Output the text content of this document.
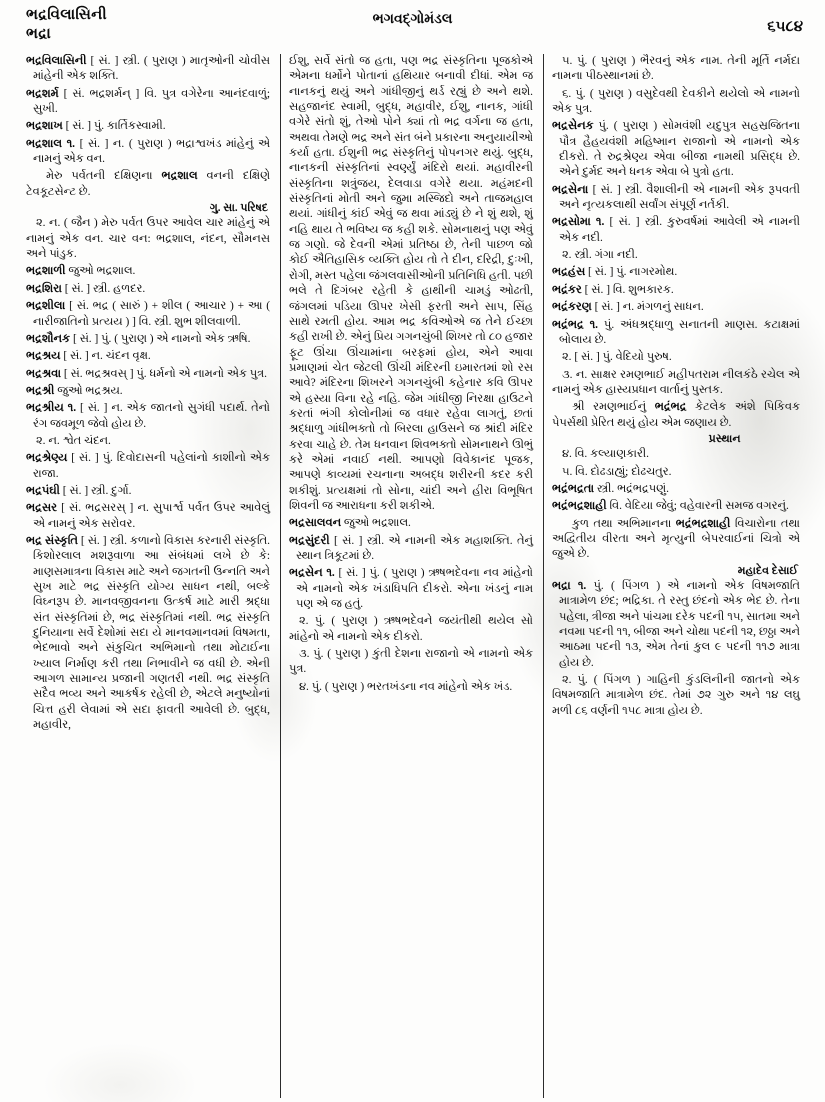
ભદ્રવિલાસિની
ભદ્રા
ભગવદ્ગોમંડલ	૬૫૮૪

ભદ્રવિલાસિની [ સં. ] સ્ત્રી. ( પુરાણ ) માતૃઓની ચોવીસ માંહેની એક શક્તિ.

ભદ્રશર્મ [ સં. ભદ્રશર્મન્ ] વિ. પુત્ર વગેરેના આનંદવાળું; સુખી.

ભદ્રશાખ [ સં. ] પું. કાર્તિકસ્વામી.

ભદ્રશાલ ૧. [ સં. ] ન. ( પુરાણ ) ભદ્રાશ્વખંડ માંહેનું એ નામનું એક વન.

મેરુ પર્વતની દક્ષિણના ભદ્રશાલ વનની દક્ષિણે ટેવકૂટસેન્ટ છે.

ગુ. સા. પરિષદ

૨. ન. ( જૈન ) મેરુ પર્વત ઉપર આવેલ ચાર માંહેનું એ નામનું એક વન. ચાર વન: ભદ્રશાલ, નંદન, સૌમનસ અને પાંડુક.

ભદ્રશાળી જુઓ ભદ્રશાલ.

ભદ્રશિરા [ સં. ] સ્ત્રી. હળદર.

ભદ્રશીલા [ સં. ભદ્ર ( સારું ) + શીલ ( આચાર ) + આ ( નારીજાતિનો પ્રત્યય ) ] વિ. સ્ત્રી. શુભ શીલવાળી.

ભદ્રશૌનક [ સં. ] પું. ( પુરાણ ) એ નામનો એક ઋષિ.

ભદ્રશ્રય [ સં. ] ન. ચંદન વૃક્ષ.

ભદ્રશ્રવા [ સં. ભદ્રશ્રવસ્ ] પું. ધર્મનો એ નામનો એક પુત્ર.

ભદ્રશ્રી જુઓ ભદ્રશ્રય.

ભદ્રશ્રીય ૧. [ સં. ] ન. એક જાતનો સુગંધી પદાર્થ. તેનો રંગ જવમૂળ જેવો હોય છે.

૨. ન. શ્વેત ચંદન.

ભદ્રશ્રેણ્ય [ સં. ] પું. દિવોદાસની પહેલાંનો કાશીનો એક રાજા.

ભદ્રપંઘી [ સં. ] સ્ત્રી. દુર્ગા.

ભદ્રસર [ સં. ભદ્રસરસ્ ] ન. સુપાર્શ્વ પર્વત ઉપર આવેલું એ નામનું એક સરોવર.

ભદ્ર સંસ્કૃતિ [ સં. ] સ્ત્રી. કળાનો વિકાસ કરનારી સંસ્કૃતિ. કિશોરલાલ મશરૂવાળા આ સંબંધમાં લખે છે કે: માણસમાત્રના વિકાસ માટે અને જગતની ઉન્નતિ અને સુખ માટે ભદ્ર સંસ્કૃતિ યોગ્ય સાધન નથી, બલ્કે વિઘ્નરૂપ છે. માનવજીવનના ઉત્કર્ષ માટે મારી શ્રદ્ધા સંત સંસ્કૃતિમાં છે, ભદ્ર સંસ્કૃતિમાં નથી. ભદ્ર સંસ્કૃતિ દુનિયાના સર્વે દેશોમાં સદા યે માનવમાનવમાં વિષમતા, ભેદભાવો અને સંકુચિત અભિમાનો તથા મોટાઈના ખ્યાલ નિર્માણ કરી તથા નિભાવીને જ વધી છે. એની આગળ સામાન્ય પ્રજાની ગણતરી નથી. ભદ્ર સંસ્કૃતિ સદૈવ ભવ્ય અને આકર્ષક રહેલી છે, એટલે મનુષ્યોનાં ચિત્ત હરી લેવામાં એ સદા ફાવતી આવેલી છે. બુદ્ધ, મહાવીર,

ઈશુ, સર્વે સંતો જ હતા, પણ ભદ્ર સંસ્કૃતિના પૂજકોએ એમના ધર્મોને પોતાનાં હથિયાર બનાવી દીધાં. એમ જ નાનકનું થયું અને ગાંધીજીનું થર્ડ રહ્યું છે અને થશે. સહજાનંદ સ્વામી, બુદ્ધ, મહાવીર, ઈશુ, નાનક, ગાંધી વગેરે સંતો શું, તેઓ પોને ક્યાં તો ભદ્ર વર્ગના જ હતા, અથવા તેમણે ભદ્ર અને સંત બંને પ્રકારના અનુયાયીઓ કર્યા હતા. ઈશુની ભદ્ર સંસ્કૃતિનું પોપનગર થયું. બુદ્ધ, નાનકની સંસ્કૃતિનાં સ્વર્ણ્યું મંદિરો થયાં. મહાવીરની સંસ્કૃતિના શત્રુંજય, દેલવાડા વગેરે થયા. મહંમદની સંસ્કૃતિનાં મોતી અને જુમા મસ્જિદો અને તાજમહાલ થયાં. ગાંધીનું કાંઈ એવું જ થવા માંડ્યું છે ને શું થશે, શું નહિ થાય તે ભવિષ્ય જ કહી શકે. સોમનાથનું પણ એવું જ ગણો. જે દેવની એમાં પ્રતિષ્ઠા છે, તેની પાછળ જો કોઈ ઐતિહાસિક વ્યક્તિ હોય તો તે દીન, દરિદ્રી, દુઃખી, રોગી, મસ્ત પહેલા જંગલવાસીઓની પ્રતિનિધિ હતી. પછી ભલે તે દિગંબર રહેતી કે હાથીની ચામડું ઓઢતી, જંગલમાં પડિયા ઊપર ખેસી ફરતી અને સાપ, સિંહ સાથે રમતી હોય. આમ ભદ્ર કવિઓએ જ તેને ઈચ્છા કહી રાખી છે. એનું પ્રિય ગગનચુંબી શિખર તો ૮૦ હજાર ફૂટ ઊંચા ઊંચામાંના બરફમાં હોય, એને આવા પ્રમાણમાં ચેત જેટલી ઊંચી મંદિરની ઇમારતમાં શો રસ આવે? મંદિરના શિખરને ગગનચુંબી કહેનાર કવિ ઊપર એ હસ્યા વિના રહે નહિ. જેમ ગાંધીજી નિરક્ષા હાઉટને કરતાં ભંગી કોલોનીમાં જ વધાર રહેવા લાગતું, છતાં શ્રદ્ધાળુ ગાંધીભક્તો તો બિરલા હાઉસને જ શ્રાંદી મંદિર કરવા ચાહે છે. તેમ ધનવાન શિવભક્તો સોમનાથને ઊભું કરે એમાં નવાઈ નથી. આપણો વિવેકાનંદ પૂજક, આપણે કાવ્યમાં રચનાના અબદ્ધ શરીરની કદર કરી શકીશું. પ્રત્યક્ષમાં તો સોના, ચાંદી અને હીરા વિભૂષિત શિવની જ આરાધના કરી શકીએ.

ભદ્રસાલવન જુઓ ભદ્રશાલ.

ભદ્રસુંદરી [ સં. ] સ્ત્રી. એ નામની એક મહાશક્તિ. તેનું સ્થાન ત્રિકૂટમાં છે.

ભદ્રસેન ૧. [ સં. ] પું. ( પુરાણ ) ઋષભદેવના નવ માંહેનો એ નામનો એક ખંડાધિપતિ દીકરો. એના ખંડનું નામ પણ એ જ હતું.

૨. પું. ( પુરાણ ) ઋષભદેવને જયંતીથી થયેલ સો માંહેનો એ નામનો એક દીકરો.

૩. પું. ( પુરાણ ) કુંતી દેશના રાજાનો એ નામનો એક પુત્ર.

૪. પું. ( પુરાણ ) ભરતખંડના નવ માંહેનો એક ખંડ.

૫. પું. ( પુરાણ ) ભૈરવનું એક નામ. તેની મૂર્તિ નર્મદા નામના પીઠસ્થાનમાં છે.

૬. પું. ( પુરાણ ) વસુદેવથી દેવકીને થયેલો એ નામનો એક પુત્ર.

ભદ્રસેનક પું. ( પુરાણ ) સોમવંશી યદુપુત્ર સહસ્રજિતના પૌત્ર હૈહયવંશી મહિષ્માન રાજાનો એ નામનો એક દીકરો. તે રુદ્રશ્રેણ્ય એવા બીજા નામથી પ્રસિદ્ધ છે. એને દુર્મદ અને ધનક એવા બે પુત્રો હતા.

ભદ્રસેના [ સં. ] સ્ત્રી. વૈશાલીની એ નામની એક રૂપવતી અને નૃત્યકલાથી સર્વાંગ સંપૂર્ણ નર્તકી.

ભદ્રસોમા ૧. [ સં. ] સ્ત્રી. કુરુવર્ષમાં આવેલી એ નામની એક નદી.

૨. સ્ત્રી. ગંગા નદી.

ભદ્રહંસ [ સં. ] પું. નાગરમોથ.

ભદ્રંકર [ સં. ] વિ. શુભકારક.

ભદ્રંકરણ [ સં. ] ન. મંગળનું સાધન.

ભદ્રંભદ્ર ૧. પું. અંધશ્રદ્ધાળુ સનાતની માણસ. કટાક્ષમાં બોલાય છે.

૨. [ સં. ] પું. વેદિયો પુરુષ.

૩. ન. સાક્ષર રમણભાઈ મહીપતરામ નીલકંઠે રચેલ એ નામનું એક હાસ્યપ્રધાન વાર્તાનું પુસ્તક.

શ્રી રમણભાઈનું ભદ્રંભદ્ર કેટલેક અંશે પિકિવક પેપર્સથી પ્રેરિત થયું હોય એમ જણાય છે.

પ્રસ્થાન

૪. વિ. કલ્યાણકારી.

૫. વિ. દોઢડાહ્યું; દોઢચતુર.

ભદ્રંભદ્રતા સ્ત્રી. ભદ્રંભદ્રપણું.

ભદ્રંભદ્રશાહી વિ. વેદિયા જેવું; વહેવારની સમજ વગરનું.

કુળ તથા અભિમાનના ભદ્રંભદ્રશાહી વિચારોના તથા અદ્વિતીય વીરતા અને મૃત્યુની બેપરવાઈનાં ચિત્રો એ જુએ છે.

મહાદેવ દેસાઈ

ભદ્રા ૧. પું. ( પિંગળ ) એ નામનો એક વિષમજાતિ માત્રામેળ છંદ; ભદ્રિકા. તે રસ્તુ છંદનો એક ભેદ છે. તેના પહેલા, ત્રીજા અને પાંચમા દરેક પદની ૧૫, સાતમા અને નવમા પદની ૧૧, બીજા અને ચોથા પદની ૧૨, છઠ્ઠા અને આઠમા પદની ૧૩, એમ તેનાં કુલ ૯ પદની ૧૧૭ માત્રા હોય છે.

૨. પું. ( પિંગળ ) ગાહિની કુંડલિનીની જાતનો એક વિષમજાતિ માત્રામેળ છંદ. તેમાં ૭૨ ગુરુ અને ૧૪ લઘુ મળી ૮૬ વર્ણની ૧૫૮ માત્રા હોય છે.
